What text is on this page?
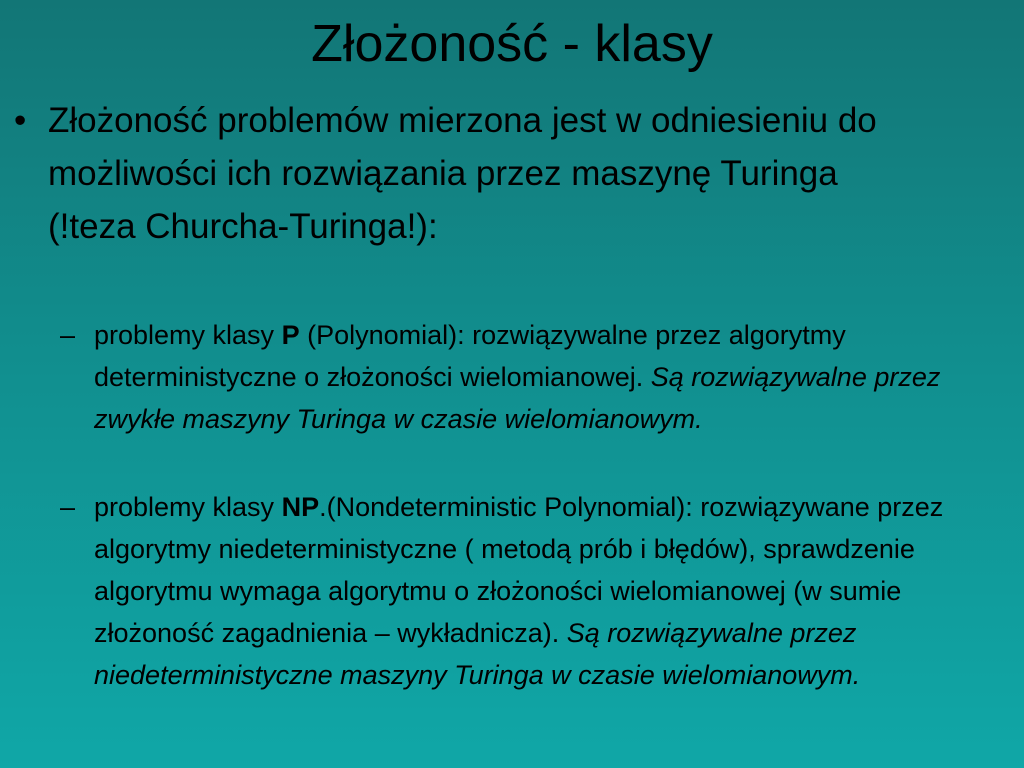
Złożoność - klasy
• Złożoność problemów mierzona jest w odniesieniu do możliwości ich rozwiązania przez maszynę Turinga (!teza Churcha-Turinga!):
– problemy klasy P (Polynomial): rozwiązywalne przez algorytmy deterministyczne o złożoności wielomianowej. Są rozwiązywalne przez zwykłe maszyny Turinga w czasie wielomianowym.
– problemy klasy NP.(Nondeterministic Polynomial): rozwiązywane przez algorytmy niedeterministyczne ( metodą prób i błędów), sprawdzenie algorytmu wymaga algorytmu o złożoności wielomianowej (w sumie złożoność zagadnienia – wykładnicza). Są rozwiązywalne przez niedeterministyczne maszyny Turinga w czasie wielomianowym.
